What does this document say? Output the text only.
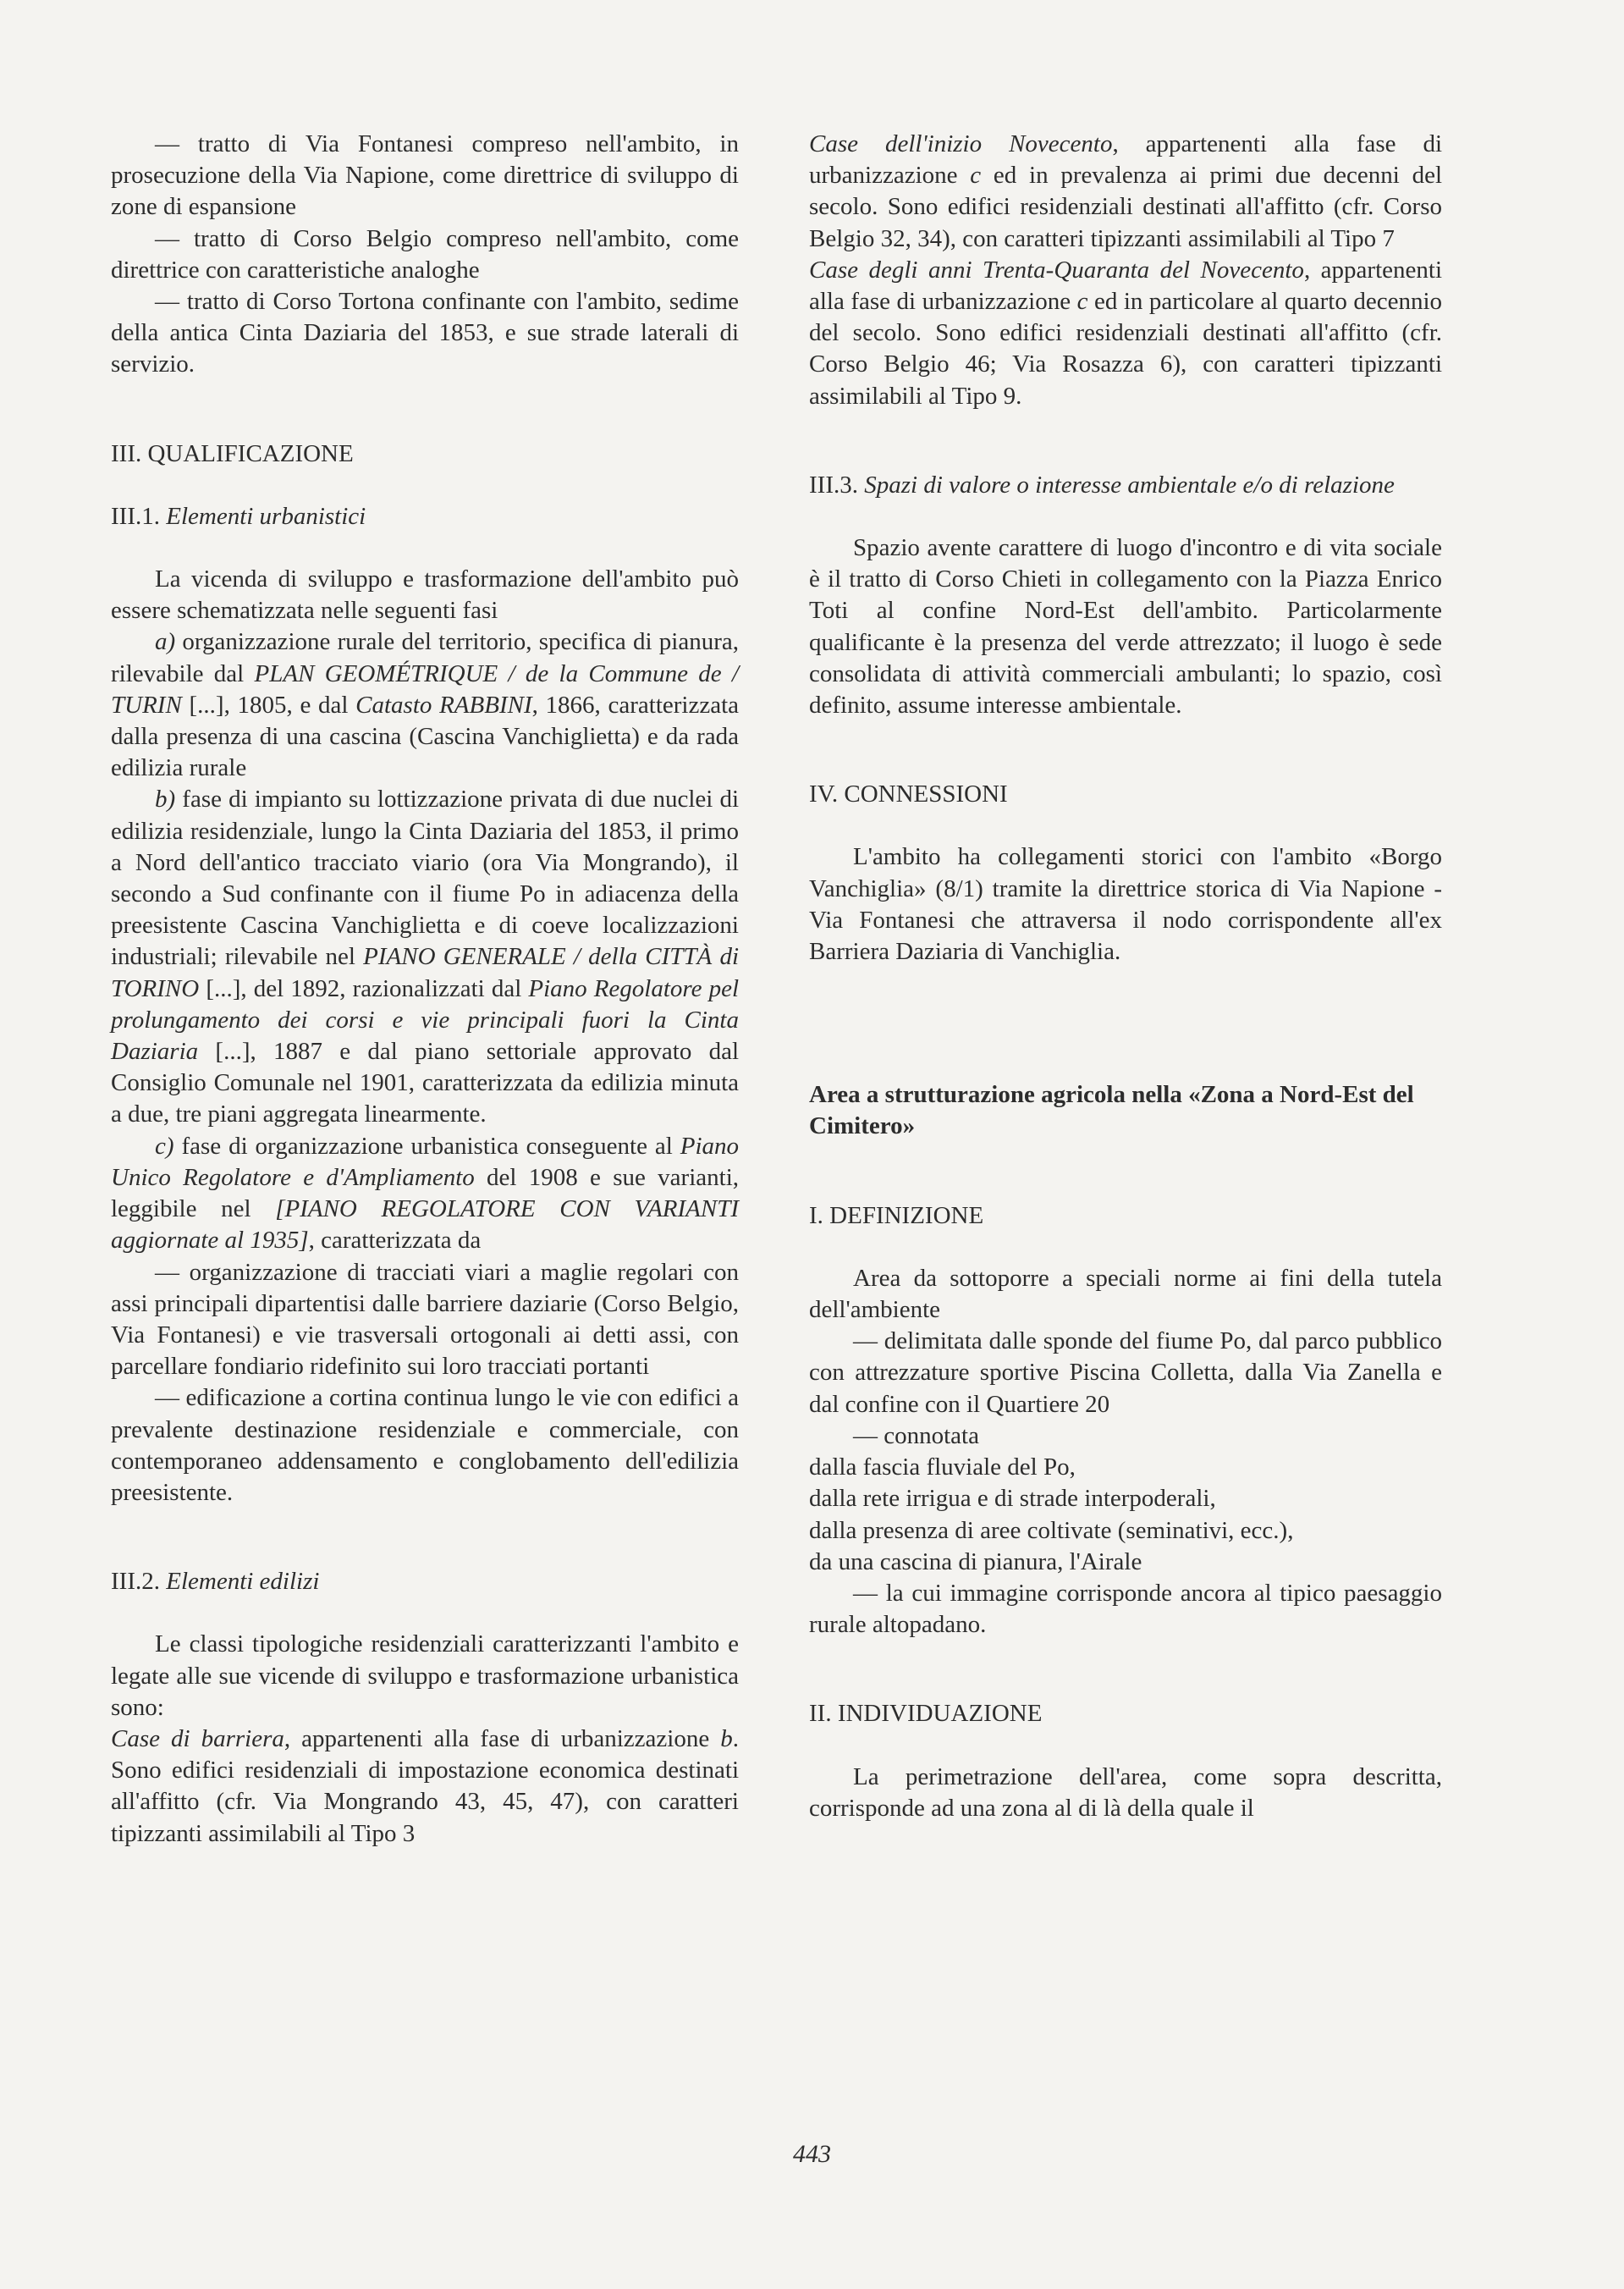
— tratto di Via Fontanesi compreso nell'ambito, in prosecuzione della Via Napione, come direttrice di sviluppo di zone di espansione

— tratto di Corso Belgio compreso nell'ambito, come direttrice con caratteristiche analoghe

— tratto di Corso Tortona confinante con l'ambito, sedime della antica Cinta Daziaria del 1853, e sue strade laterali di servizio.

III. QUALIFICAZIONE
III.1. Elementi urbanistici

La vicenda di sviluppo e trasformazione dell'ambito può essere schematizzata nelle seguenti fasi

a) organizzazione rurale del territorio, specifica di pianura, rilevabile dal PLAN GEOMÉTRIQUE / de la Commune de / TURIN [...], 1805, e dal Catasto RABBINI, 1866, caratterizzata dalla presenza di una cascina (Cascina Vanchiglietta) e da rada edilizia rurale

b) fase di impianto su lottizzazione privata di due nuclei di edilizia residenziale, lungo la Cinta Daziaria del 1853, il primo a Nord dell'antico tracciato viario (ora Via Mongrando), il secondo a Sud confinante con il fiume Po in adiacenza della preesistente Cascina Vanchiglietta e di coeve localizzazioni industriali; rilevabile nel PIANO GENERALE / della CITTÀ di TORINO [...], del 1892, razionalizzati dal Piano Regolatore pel prolungamento dei corsi e vie principali fuori la Cinta Daziaria [...], 1887 e dal piano settoriale approvato dal Consiglio Comunale nel 1901, caratterizzata da edilizia minuta a due, tre piani aggregata linearmente.

c) fase di organizzazione urbanistica conseguente al Piano Unico Regolatore e d'Ampliamento del 1908 e sue varianti, leggibile nel [PIANO REGOLATORE CON VARIANTI aggiornate al 1935], caratterizzata da

— organizzazione di tracciati viari a maglie regolari con assi principali dipartentisi dalle barriere daziarie (Corso Belgio, Via Fontanesi) e vie trasversali ortogonali ai detti assi, con parcellare fondiario ridefinito sui loro tracciati portanti

— edificazione a cortina continua lungo le vie con edifici a prevalente destinazione residenziale e commerciale, con contemporaneo addensamento e conglobamento dell'edilizia preesistente.

III.2. Elementi edilizi

Le classi tipologiche residenziali caratterizzanti l'ambito e legate alle sue vicende di sviluppo e trasformazione urbanistica sono:

Case di barriera, appartenenti alla fase di urbanizzazione b. Sono edifici residenziali di impostazione economica destinati all'affitto (cfr. Via Mongrando 43, 45, 47), con caratteri tipizzanti assimilabili al Tipo 3

Case dell'inizio Novecento, appartenenti alla fase di urbanizzazione c ed in prevalenza ai primi due decenni del secolo. Sono edifici residenziali destinati all'affitto (cfr. Corso Belgio 32, 34), con caratteri tipizzanti assimilabili al Tipo 7

Case degli anni Trenta-Quaranta del Novecento, appartenenti alla fase di urbanizzazione c ed in particolare al quarto decennio del secolo. Sono edifici residenziali destinati all'affitto (cfr. Corso Belgio 46; Via Rosazza 6), con caratteri tipizzanti assimilabili al Tipo 9.

III.3. Spazi di valore o interesse ambientale e/o di relazione

Spazio avente carattere di luogo d'incontro e di vita sociale è il tratto di Corso Chieti in collegamento con la Piazza Enrico Toti al confine Nord-Est dell'ambito. Particolarmente qualificante è la presenza del verde attrezzato; il luogo è sede consolidata di attività commerciali ambulanti; lo spazio, così definito, assume interesse ambientale.

IV. CONNESSIONI

L'ambito ha collegamenti storici con l'ambito «Borgo Vanchiglia» (8/1) tramite la direttrice storica di Via Napione - Via Fontanesi che attraversa il nodo corrispondente all'ex Barriera Daziaria di Vanchiglia.

Area a strutturazione agricola nella «Zona a Nord-Est del Cimitero»
I. DEFINIZIONE

Area da sottoporre a speciali norme ai fini della tutela dell'ambiente

— delimitata dalle sponde del fiume Po, dal parco pubblico con attrezzature sportive Piscina Colletta, dalla Via Zanella e dal confine con il Quartiere 20

— connotata

dalla fascia fluviale del Po,

dalla rete irrigua e di strade interpoderali,

dalla presenza di aree coltivate (seminativi, ecc.),

da una cascina di pianura, l'Airale

— la cui immagine corrisponde ancora al tipico paesaggio rurale altopadano.

II. INDIVIDUAZIONE

La perimetrazione dell'area, come sopra descritta, corrisponde ad una zona al di là della quale il

443
